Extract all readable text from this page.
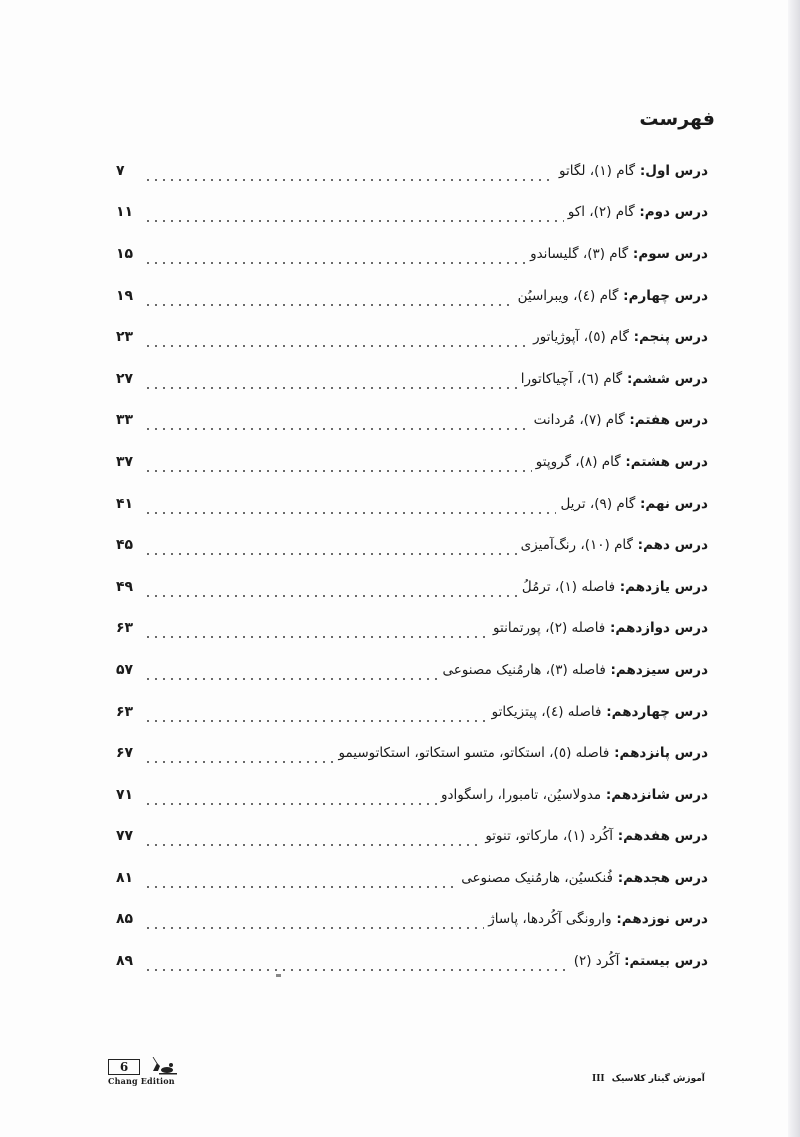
فهرست
درس اول: گام (۱)، لگاتو
۷
درس دوم: گام (۲)، اکو
۱۱
درس سوم: گام (۳)، گلیساندو
۱۵
درس چهارم: گام (٤)، ویبراسیُن
۱۹
درس پنجم: گام (٥)، آپوژیاتور
۲۳
درس ششم: گام (٦)، آچیاکاتورا
۲۷
درس هفتم: گام (۷)، مُردانت
۳۳
درس هشتم: گام (۸)، گروپتو
۳۷
درس نهم: گام (۹)، تریل
۴۱
درس دهم: گام (۱۰)، رنگ‌آمیزی
۴۵
درس یازدهم: فاصله (۱)، ترمُلُ
۴۹
درس دوازدهم: فاصله (۲)، پورتمانتو
۶۳
درس سیزدهم: فاصله (۳)، هارمُنیک مصنوعی
۵۷
درس چهاردهم: فاصله (٤)، پیتزیکاتو
۶۳
درس پانزدهم: فاصله (٥)، استکاتو، متسو استکاتو، استکاتوسیمو
۶۷
درس شانزدهم: مدولاسیُن، تامبورا، راسگوادو
۷۱
درس هفدهم: آکُرد (۱)، مارکاتو، تنوتو
۷۷
درس هجدهم: فُنکسیُن، هارمُنیک مصنوعی
۸۱
درس نوزدهم: وارونگی آکُردها، پاساژ
۸۵
درس بیستم: آکُرد (۲)
۸۹
6
Chang Edition	III آموزش گیتار کلاسیک
